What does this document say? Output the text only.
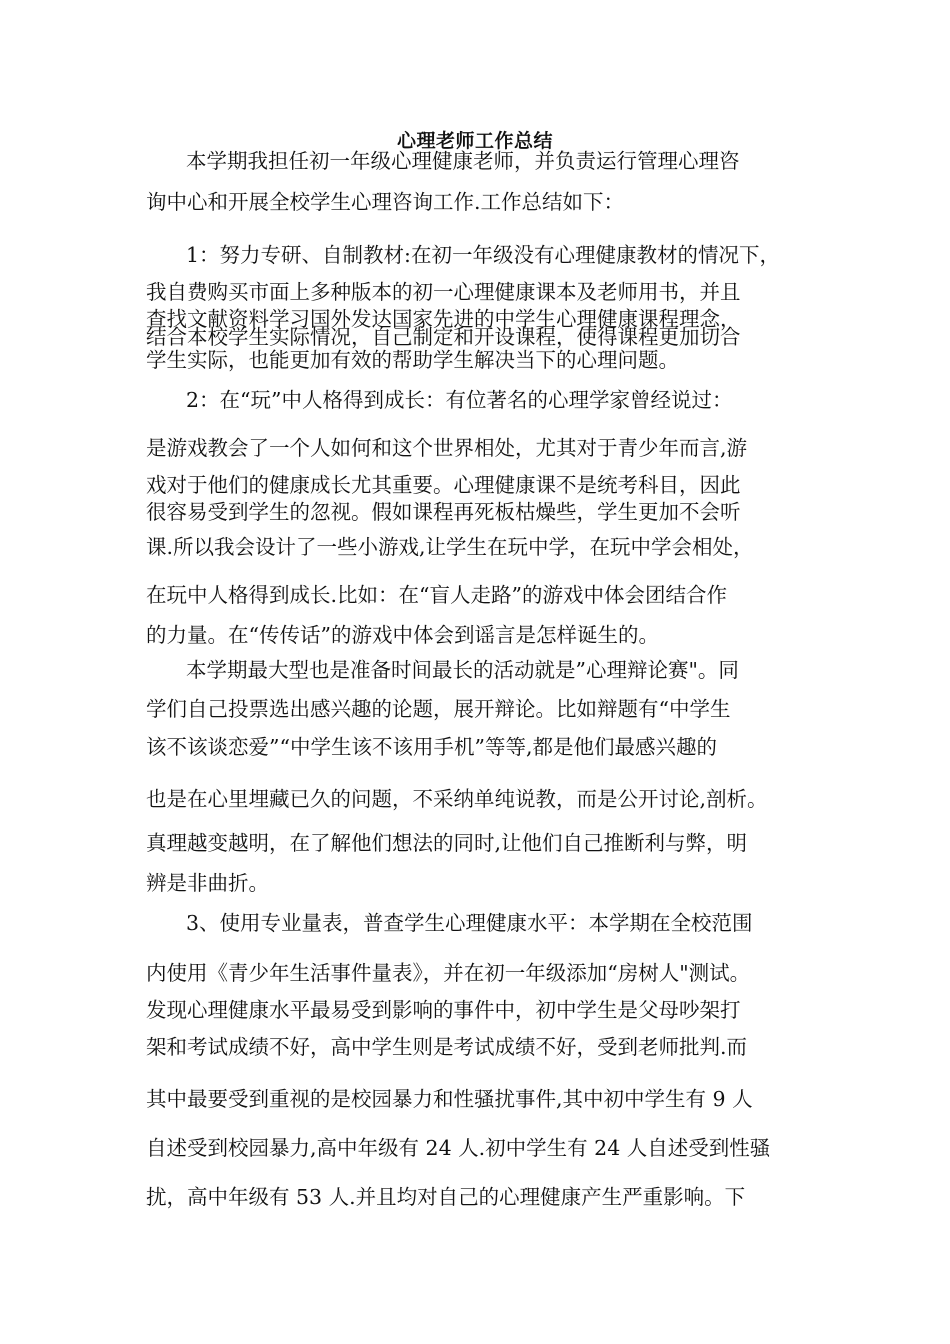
心理老师工作总结
本学期我担任初一年级心理健康老师，并负责运行管理心理咨
询中心和开展全校学生心理咨询工作.工作总结如下：
1：努力专研、自制教材:在初一年级没有心理健康教材的情况下，
我自费购买市面上多种版本的初一心理健康课本及老师用书，并且
查找文献资料学习国外发达国家先进的中学生心理健康课程理念，
结合本校学生实际情况，自己制定和开设课程，使得课程更加切合
学生实际，也能更加有效的帮助学生解决当下的心理问题。
2：在“玩”中人格得到成长：有位著名的心理学家曾经说过：
是游戏教会了一个人如何和这个世界相处，尤其对于青少年而言,游
戏对于他们的健康成长尤其重要。心理健康课不是统考科目，因此
很容易受到学生的忽视。假如课程再死板枯燥些，学生更加不会听
课.所以我会设计了一些小游戏,让学生在玩中学，在玩中学会相处，
在玩中人格得到成长.比如：在“盲人走路”的游戏中体会团结合作
的力量。在“传传话”的游戏中体会到谣言是怎样诞生的。
本学期最大型也是准备时间最长的活动就是”心理辩论赛"。同
学们自己投票选出感兴趣的论题，展开辩论。比如辩题有“中学生
该不该谈恋爱”“中学生该不该用手机”等等,都是他们最感兴趣的
也是在心里埋藏已久的问题，不采纳单纯说教，而是公开讨论,剖析。
真理越变越明，在了解他们想法的同时,让他们自己推断利与弊，明
辨是非曲折。
3、使用专业量表，普查学生心理健康水平：本学期在全校范围
内使用《青少年生活事件量表》，并在初一年级添加“房树人"测试。
发现心理健康水平最易受到影响的事件中，初中学生是父母吵架打
架和考试成绩不好，高中学生则是考试成绩不好，受到老师批判.而
其中最要受到重视的是校园暴力和性骚扰事件,其中初中学生有 9 人
自述受到校园暴力,高中年级有 24 人.初中学生有 24 人自述受到性骚
扰，高中年级有 53 人.并且均对自己的心理健康产生严重影响。下
